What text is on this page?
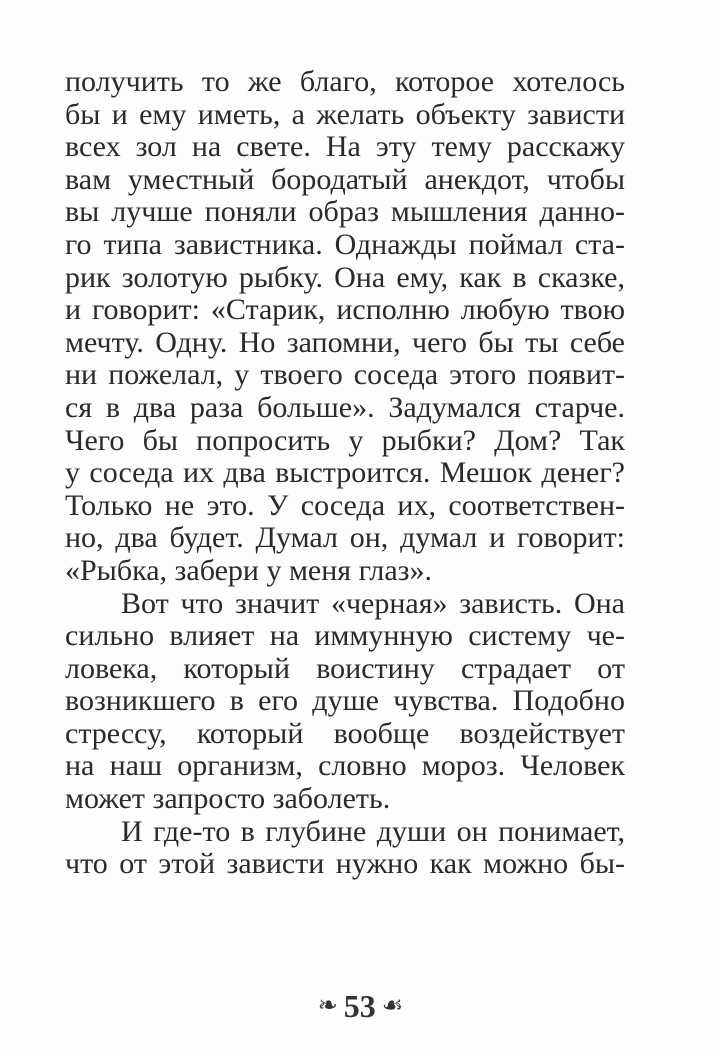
получить то же благо, которое хотелось
бы и ему иметь, а желать объекту зависти
всех зол на свете. На эту тему расскажу
вам уместный бородатый анекдот, чтобы
вы лучше поняли образ мышления данно-
го типа завистника. Однажды поймал ста-
рик золотую рыбку. Она ему, как в сказке,
и говорит: «Старик, исполню любую твою
мечту. Одну. Но запомни, чего бы ты себе
ни пожелал, у твоего соседа этого появит-
ся в два раза больше». Задумался старче.
Чего бы попросить у рыбки? Дом? Так
у соседа их два выстроится. Мешок денег?
Только не это. У соседа их, соответствен-
но, два будет. Думал он, думал и говорит:
«Рыбка, забери у меня глаз».
Вот что значит «черная» зависть. Она
сильно влияет на иммунную систему че-
ловека, который воистину страдает от
возникшего в его душе чувства. Подобно
стрессу, который вообще воздействует
на наш организм, словно мороз. Человек
может запросто заболеть.
И где-то в глубине души он понимает,
что от этой зависти нужно как можно бы-
❧ 53 ☙
